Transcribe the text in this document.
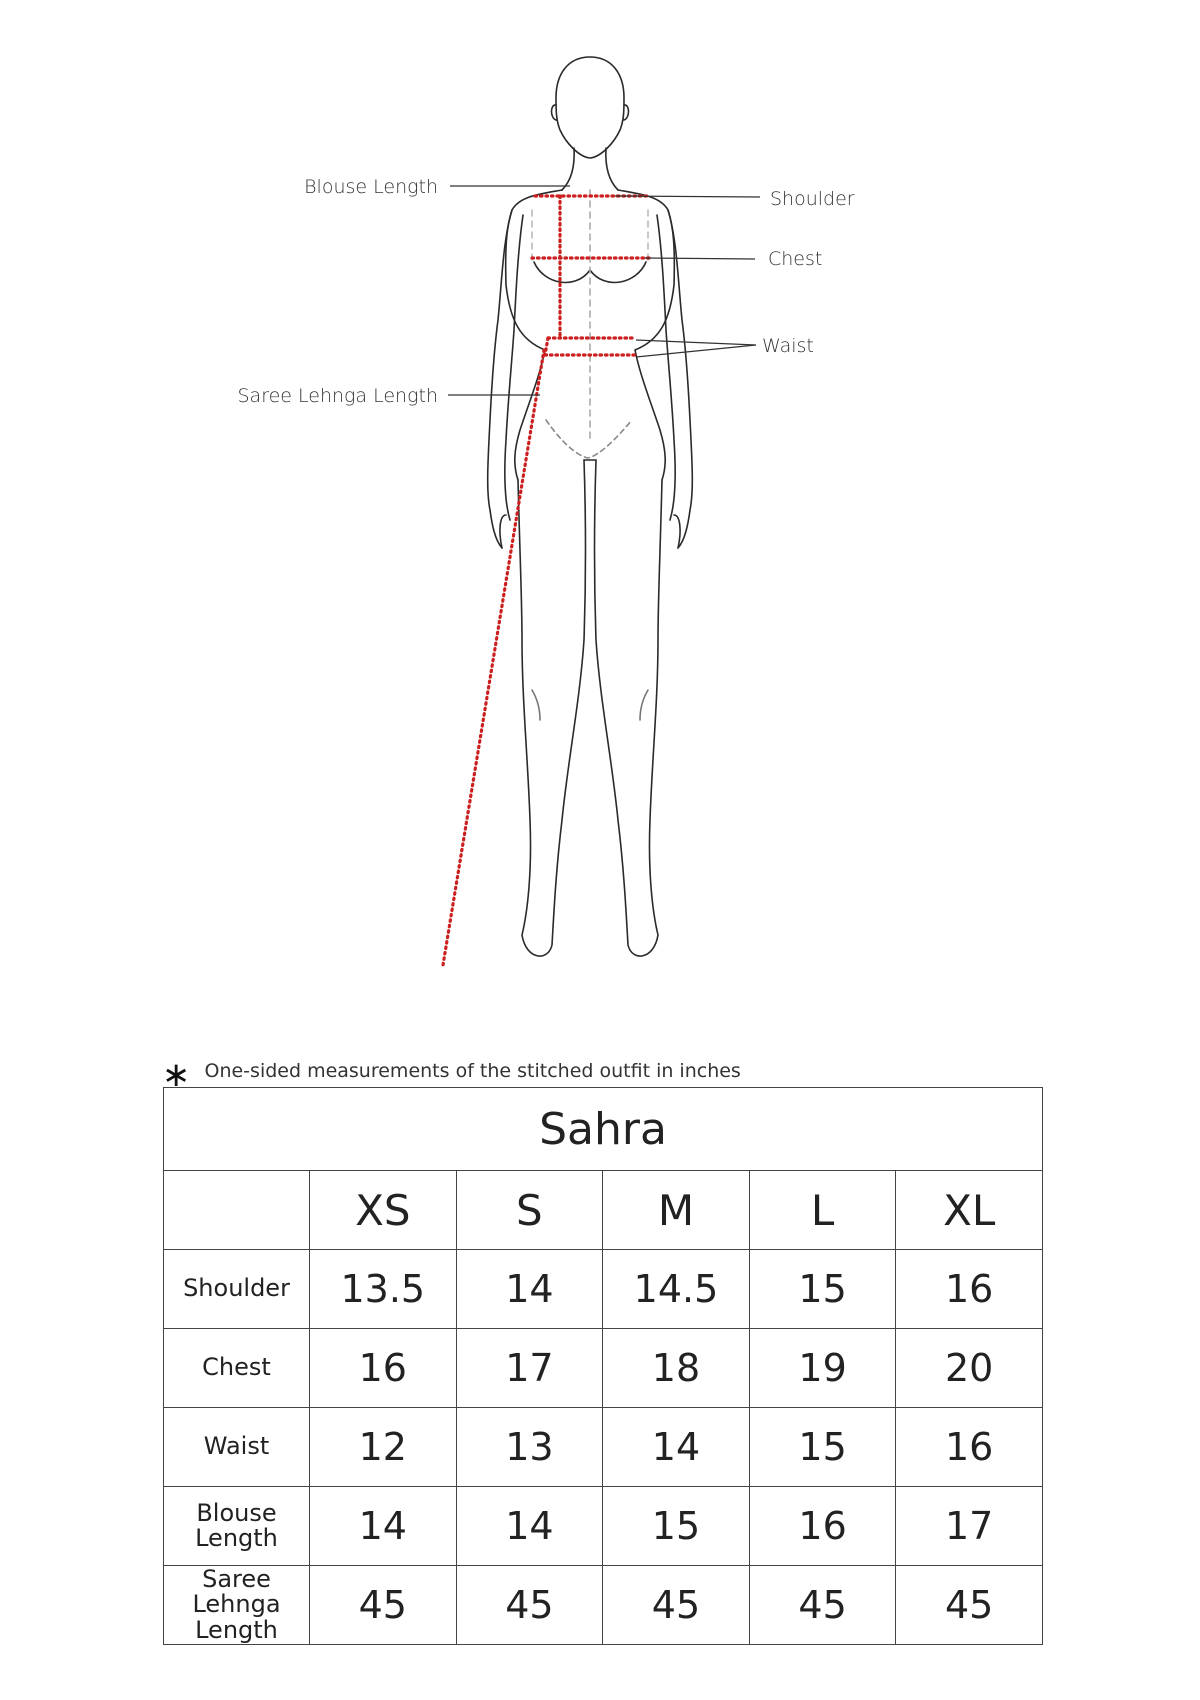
Blouse Length
Shoulder
Chest
Waist
Saree Lehnga Length
∗ One-sided measurements of the stitched outfit in inches
Sahra					
	XS	S	M	L	XL
Shoulder	13.5	14	14.5	15	16
Chest	16	17	18	19	20
Waist	12	13	14	15	16
Blouse Length	14	14	15	16	17
Saree Lehnga Length	45	45	45	45	45
